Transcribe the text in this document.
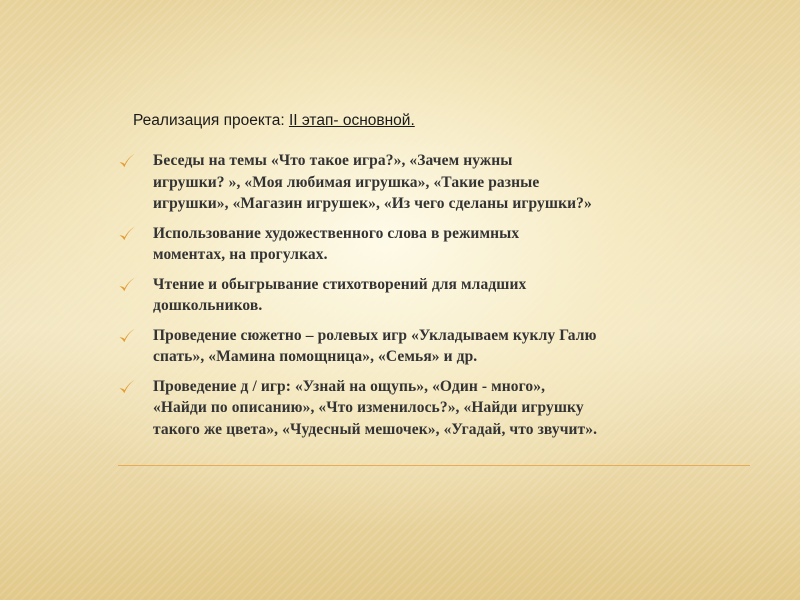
Реализация проекта: II этап- основной.
Беседы на темы «Что такое игра?», «Зачем нужны
игрушки? », «Моя любимая игрушка», «Такие разные
игрушки», «Магазин игрушек», «Из чего сделаны игрушки?»
Использование художественного слова в режимных
моментах, на прогулках.
Чтение и обыгрывание стихотворений для младших
дошкольников.
Проведение сюжетно – ролевых игр «Укладываем куклу Галю
спать», «Мамина помощница», «Семья» и др.
Проведение д / игр: «Узнай на ощупь», «Один - много»,
«Найди по описанию», «Что изменилось?», «Найди игрушку
такого же цвета», «Чудесный мешочек», «Угадай, что звучит».
